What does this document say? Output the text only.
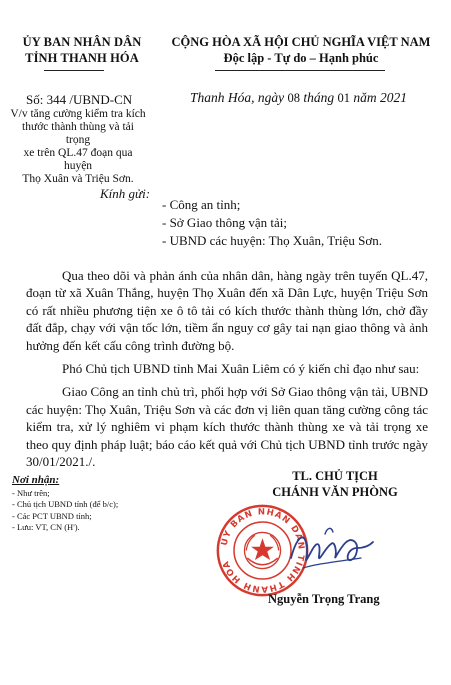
ỦY BAN NHÂN DÂN
TỈNH THANH HÓA
CỘNG HÒA XÃ HỘI CHỦ NGHĨA VIỆT NAM
Độc lập - Tự do – Hạnh phúc
Số: 344 /UBND-CN	Thanh Hóa, ngày 08 tháng 01 năm 2021
V/v tăng cường kiểm tra kích
thước thành thùng và tải trọng
xe trên QL.47 đoạn qua huyện
Thọ Xuân và Triệu Sơn.
Kính gửi:
- Công an tỉnh;
- Sở Giao thông vận tải;
- UBND các huyện: Thọ Xuân, Triệu Sơn.

Qua theo dõi và phản ánh của nhân dân, hàng ngày trên tuyến QL.47, đoạn từ xã Xuân Thắng, huyện Thọ Xuân đến xã Dân Lực, huyện Triệu Sơn có rất nhiều phương tiện xe ô tô tải có kích thước thành thùng lớn, chở đầy đất đắp, chạy với vận tốc lớn, tiềm ẩn nguy cơ gây tai nạn giao thông và ảnh hưởng đến kết cấu công trình đường bộ.

Phó Chủ tịch UBND tỉnh Mai Xuân Liêm có ý kiến chỉ đạo như sau:

Giao Công an tỉnh chủ trì, phối hợp với Sở Giao thông vận tải, UBND các huyện: Thọ Xuân, Triệu Sơn và các đơn vị liên quan tăng cường công tác kiểm tra, xử lý nghiêm vi phạm kích thước thành thùng xe và tải trọng xe theo quy định pháp luật; báo cáo kết quả với Chủ tịch UBND tỉnh trước ngày 30/01/2021./.

Nơi nhận:
- Như trên;
- Chủ tịch UBND tỉnh (để b/c);
- Các PCT UBND tỉnh;
- Lưu: VT, CN (H').
TL. CHỦ TỊCH
CHÁNH VĂN PHÒNG
ỦY BAN NHÂN DÂN TỈNH THANH HÓA
Nguyễn Trọng Trang
